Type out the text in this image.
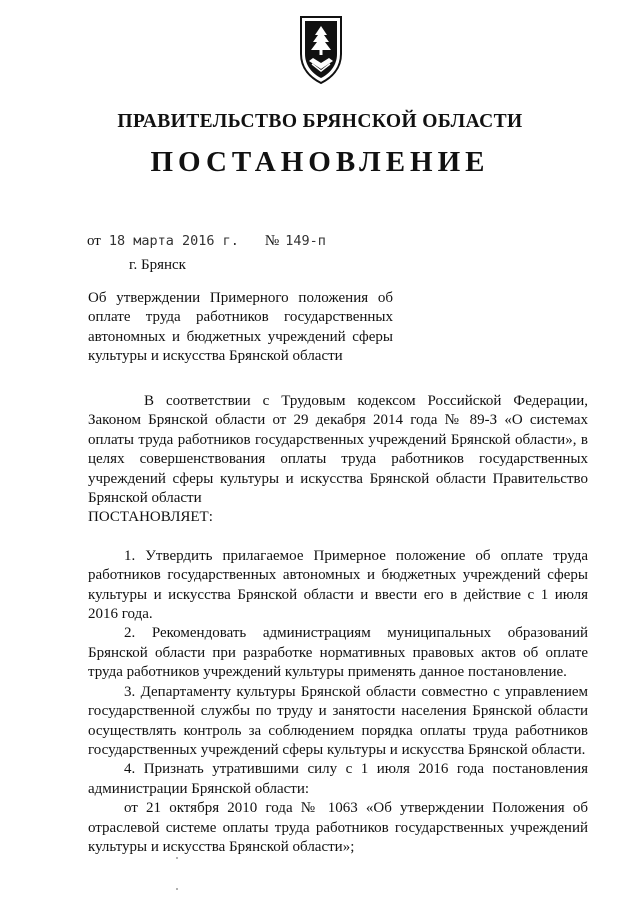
ПРАВИТЕЛЬСТВО БРЯНСКОЙ ОБЛАСТИ
ПОСТАНОВЛЕНИЕ
от 18 марта 2016 г. № 149-п
г. Брянск
Об утверждении Примерного положения об оплате труда работников государственных автономных и бюджетных учреждений сферы культуры и искусства Брянской области

В соответствии с Трудовым кодексом Российской Федерации, Законом Брянской области от 29 декабря 2014 года № 89-З «О системах оплаты труда работников государственных учреждений Брянской области», в целях совершенствования оплаты труда работников государственных учреждений сферы культуры и искусства Брянской области Правительство Брянской области

ПОСТАНОВЛЯЕТ:

1. Утвердить прилагаемое Примерное положение об оплате труда работников государственных автономных и бюджетных учреждений сферы культуры и искусства Брянской области и ввести его в действие с 1 июля 2016 года.

2. Рекомендовать администрациям муниципальных образований Брянской области при разработке нормативных правовых актов об оплате труда работников учреждений культуры применять данное постановление.

3. Департаменту культуры Брянской области совместно с управлением государственной службы по труду и занятости населения Брянской области осуществлять контроль за соблюдением порядка оплаты труда работников государственных учреждений сферы культуры и искусства Брянской области.

4. Признать утратившими силу с 1 июля 2016 года постановления администрации Брянской области:

от 21 октября 2010 года № 1063 «Об утверждении Положения об отраслевой системе оплаты труда работников государственных учреждений культуры и искусства Брянской области»;
